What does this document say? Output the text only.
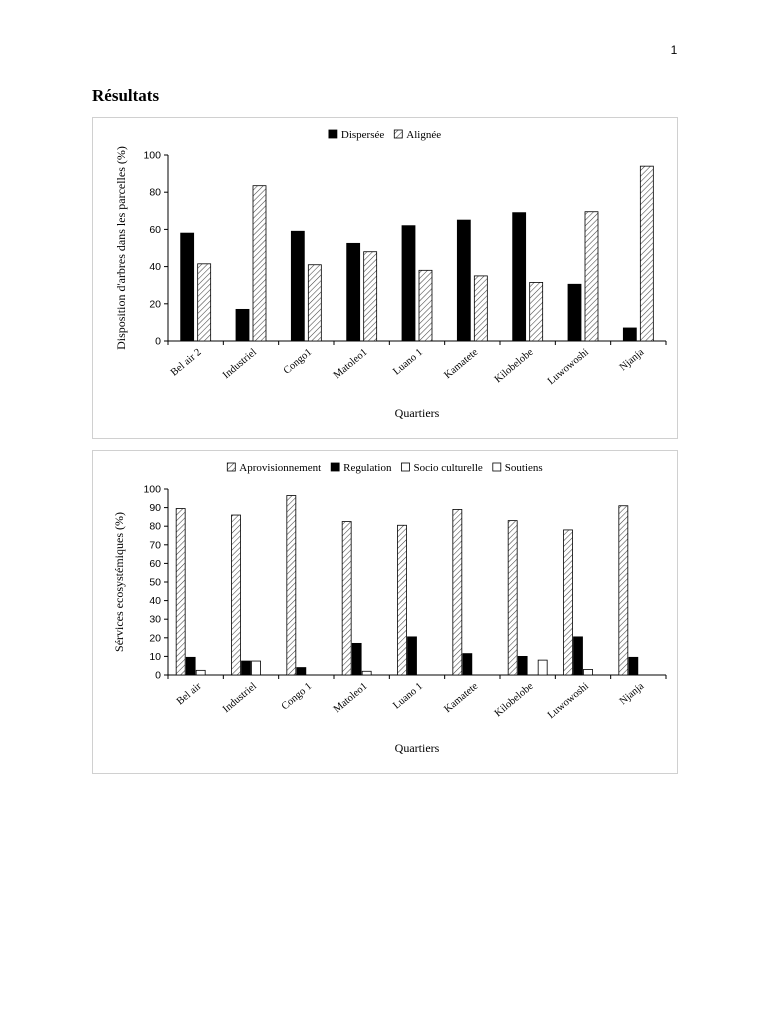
1
Résultats
Dispersée Alignée
0
20
40
60
80
100
Bel air 2 Industriel Congo1 Matoleo1 Luano 1 Kamatete Kilobelobe Luwowoshi	Njanja
Quartiers
Disposition d'arbres dans les parcelles (%)
Aprovisionnement Regulation Socio culturelle Soutiens
0
10
20
30
40
50
60
70
80
90
100
Bel air Industriel Congo 1 Matoleo1 Luano 1 Kamatete Kilobelobe Luwowoshi	Njanja
Quartiers
Sérvices ecosystémiques (%)
